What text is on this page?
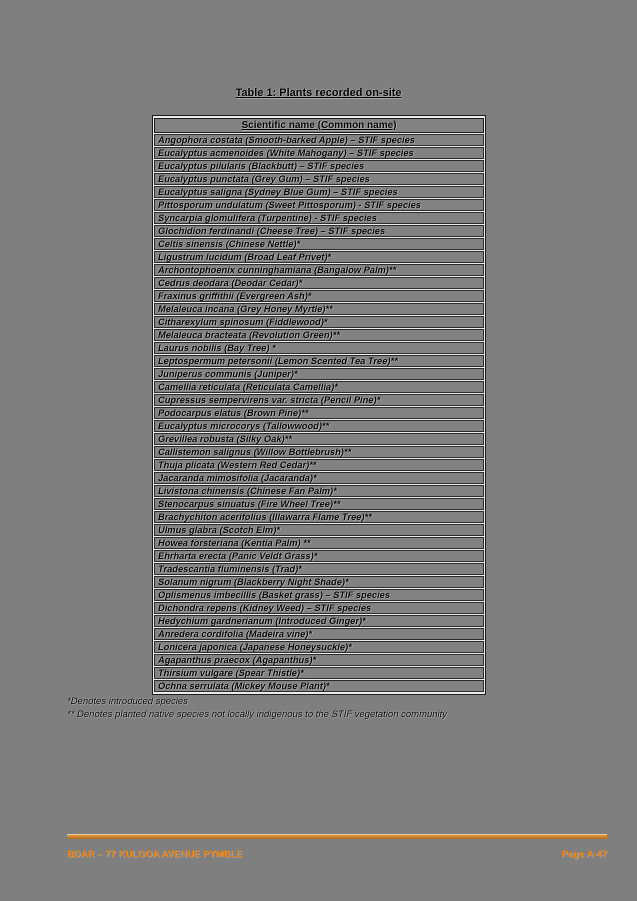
Table 1: Plants recorded on-site
Scientific name (Common name)
Angophora costata (Smooth-barked Apple) – STIF species
Eucalyptus acmenoides (White Mahogany) – STIF species
Eucalyptus pilularis (Blackbutt) – STIF species
Eucalyptus punctata (Grey Gum) – STIF species
Eucalyptus saligna (Sydney Blue Gum) – STIF species
Pittosporum undulatum (Sweet Pittosporum) - STIF species
Syncarpia glomulifera (Turpentine) - STIF species
Glochidion ferdinandi (Cheese Tree) – STIF species
Celtis sinensis (Chinese Nettle)*
Ligustrum lucidum (Broad Leaf Privet)*
Archontophoenix cunninghamiana (Bangalow Palm)**
Cedrus deodara (Deodar Cedar)*
Fraxinus griffithii (Evergreen Ash)*
Melaleuca incana (Grey Honey Myrtle)**
Citharexylum spinosum (Fiddlewood)*
Melaleuca bracteata (Revolution Green)**
Laurus nobilis (Bay Tree) *
Leptospermum petersonii (Lemon Scented Tea Tree)**
Juniperus communis (Juniper)*
Camellia reticulata (Reticulata Camellia)*
Cupressus sempervirens var. stricta (Pencil Pine)*
Podocarpus elatus (Brown Pine)**
Eucalyptus microcorys (Tallowwood)**
Grevillea robusta (Silky Oak)**
Callistemon salignus (Willow Bottlebrush)**
Thuja plicata (Western Red Cedar)**
Jacaranda mimosifolia (Jacaranda)*
Livistona chinensis (Chinese Fan Palm)*
Stenocarpus sinuatus (Fire Wheel Tree)**
Brachychiton acerifolius (Illawarra Flame Tree)**
Ulmus glabra (Scotch Elm)*
Howea forsteriana (Kentia Palm) **
Ehrharta erecta (Panic Veldt Grass)*
Tradescantia fluminensis (Trad)*
Solanum nigrum (Blackberry Night Shade)*
Oplismenus imbecillis (Basket grass) – STIF species
Dichondra repens (Kidney Weed) – STIF species
Hedychium gardnerianum (Introduced Ginger)*
Anredera cordifolia (Madeira vine)*
Lonicera japonica (Japanese Honeysuckle)*
Agapanthus praecox (Agapanthus)*
Thirsium vulgare (Spear Thistle)*
Ochna serrulata (Mickey Mouse Plant)*
*Denotes introduced species
** Denotes planted native species not locally indigenous to the STIF vegetation community
BDAR – 77 KULGOA AVENUE PYMBLE	Page A-47
